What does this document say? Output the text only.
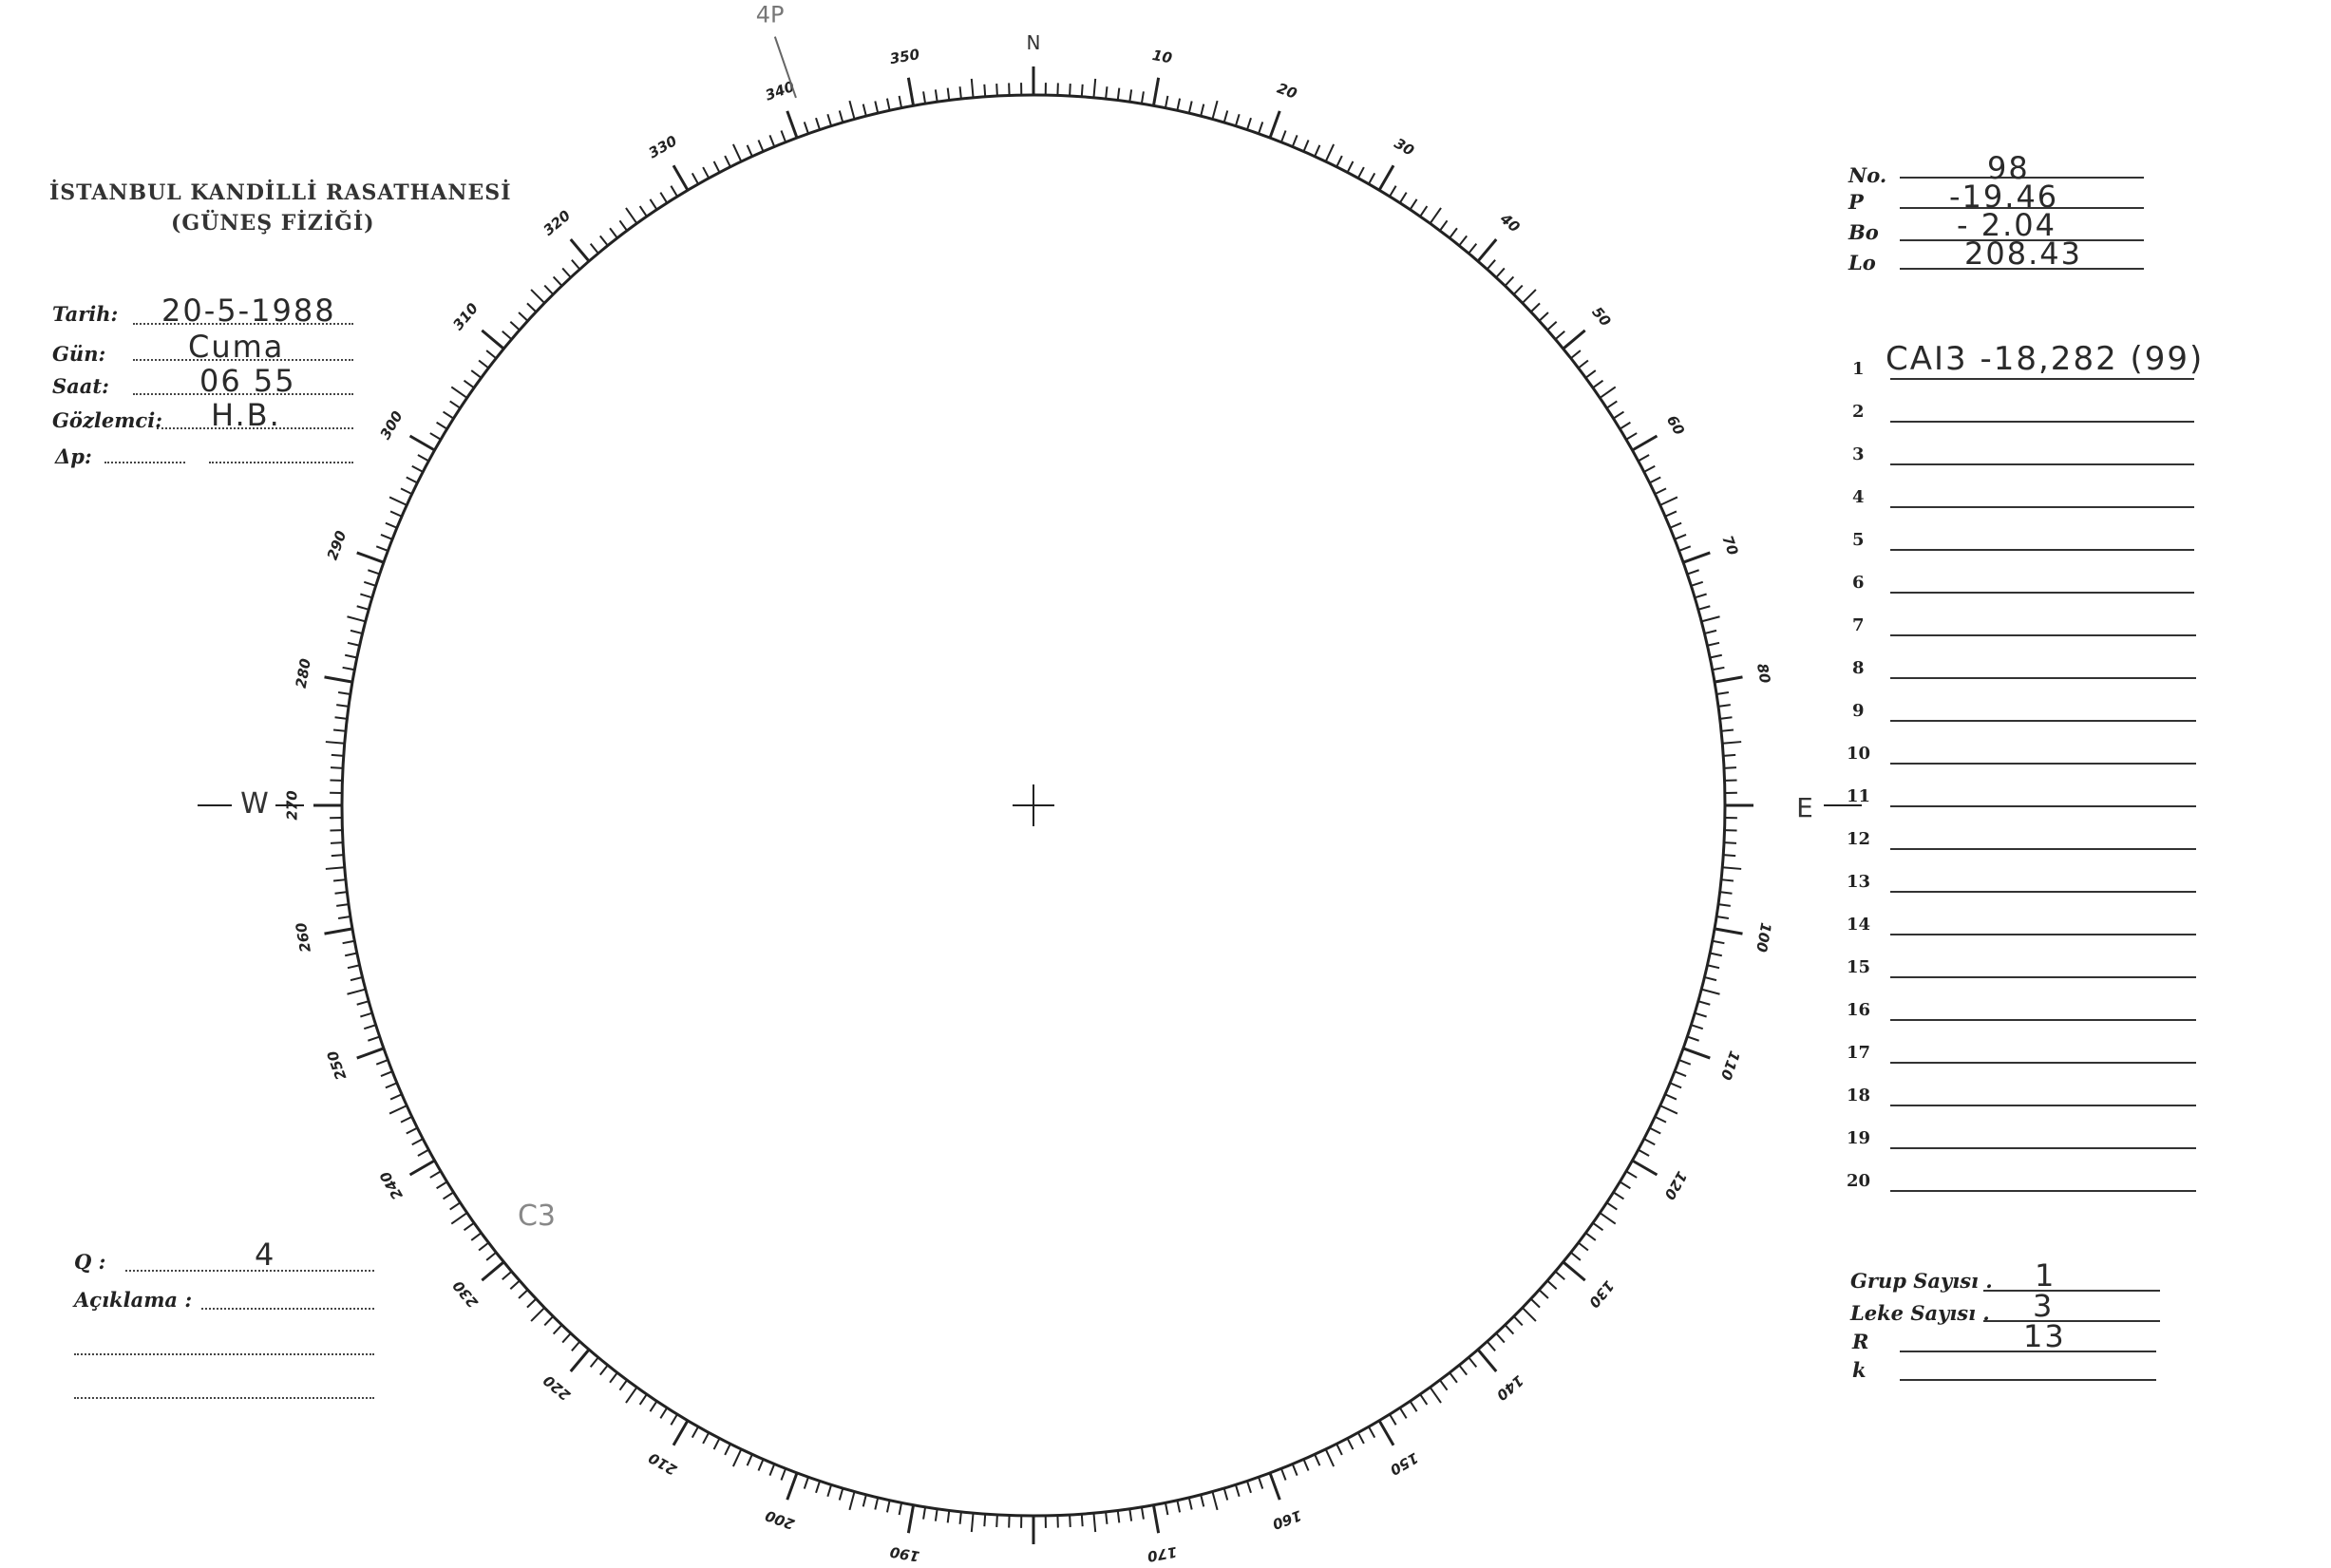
İSTANBUL KANDİLLİ RASATHANESİ
(GÜNEŞ FİZİĞİ)
Tarih: 20-5-1988
Gün:	Cuma
Saat:	06 55
Gözlemci: H.B.
Δp:
No.	98
P	-19.46
Bo	- 2.04
Lo	208.43
1 CAI3 -18,282 (99)
2
3
4
5
6
7
8
9
10
11
12
13
14
15
16
17
18
19
20
Q :	4
Açıklama :
Grup Sayısı . 1
Leke Sayısı . 3
R	13
k
10
20
30
40
50
60
70
80
100
110
120
130
140
150
160
170
190
200
210
220
230
240
250
260
270
280
290
300
310
320
330
340
350
N
W	E
4P
C3
